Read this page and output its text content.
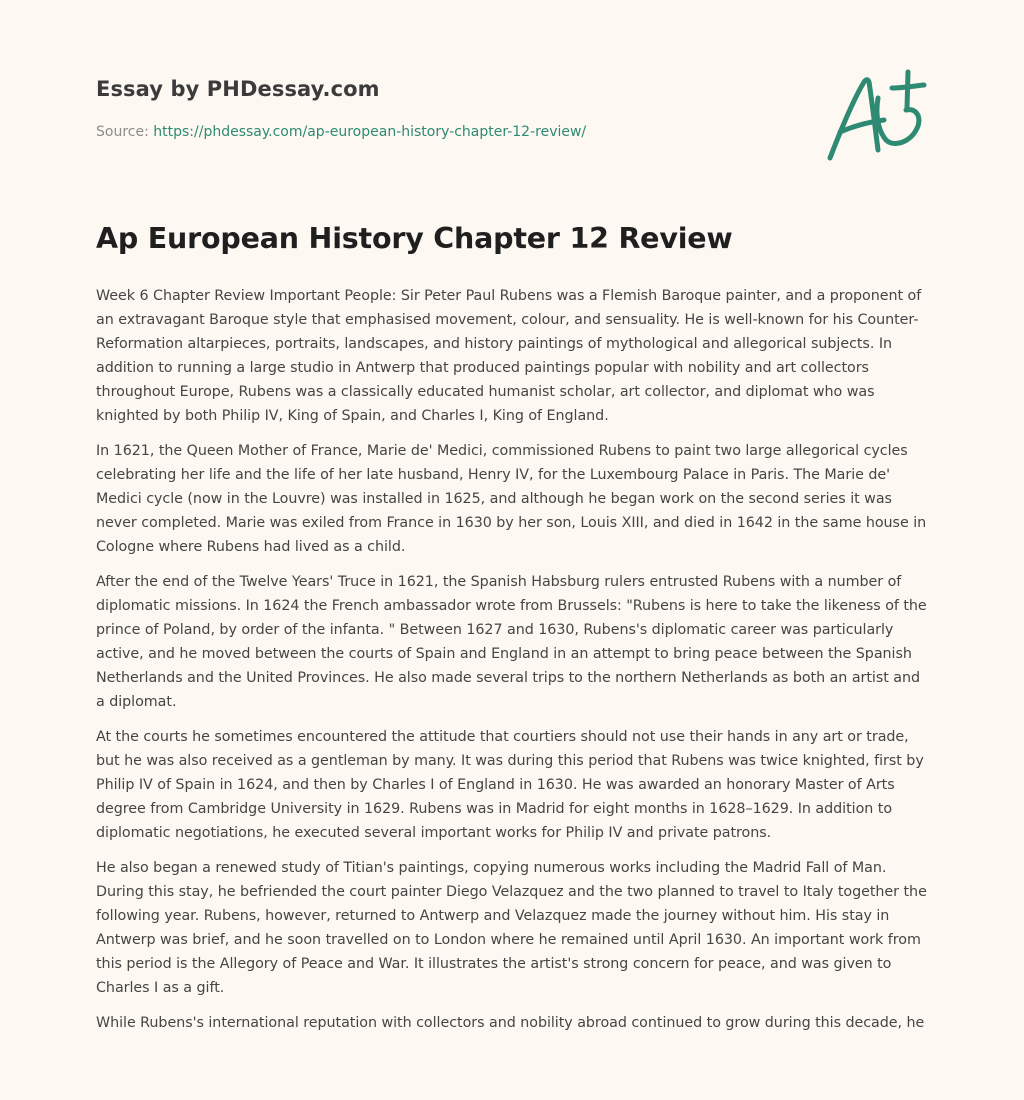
Essay by PHDessay.com
Source: https://phdessay.com/ap-european-history-chapter-12-review/
Ap European History Chapter 12 Review

Week 6 Chapter Review Important People: Sir Peter Paul Rubens was a Flemish Baroque painter, and a proponent of an extravagant Baroque style that emphasised movement, colour, and sensuality. He is well-known for his Counter-Reformation altarpieces, portraits, landscapes, and history paintings of mythological and allegorical subjects. In addition to running a large studio in Antwerp that produced paintings popular with nobility and art collectors throughout Europe, Rubens was a classically educated humanist scholar, art collector, and diplomat who was knighted by both Philip IV, King of Spain, and Charles I, King of England.

In 1621, the Queen Mother of France, Marie de' Medici, commissioned Rubens to paint two large allegorical cycles celebrating her life and the life of her late husband, Henry IV, for the Luxembourg Palace in Paris. The Marie de' Medici cycle (now in the Louvre) was installed in 1625, and although he began work on the second series it was never completed. Marie was exiled from France in 1630 by her son, Louis XIII, and died in 1642 in the same house in Cologne where Rubens had lived as a child.

After the end of the Twelve Years' Truce in 1621, the Spanish Habsburg rulers entrusted Rubens with a number of diplomatic missions. In 1624 the French ambassador wrote from Brussels: "Rubens is here to take the likeness of the prince of Poland, by order of the infanta. " Between 1627 and 1630, Rubens's diplomatic career was particularly active, and he moved between the courts of Spain and England in an attempt to bring peace between the Spanish Netherlands and the United Provinces. He also made several trips to the northern Netherlands as both an artist and a diplomat.

At the courts he sometimes encountered the attitude that courtiers should not use their hands in any art or trade, but he was also received as a gentleman by many. It was during this period that Rubens was twice knighted, first by Philip IV of Spain in 1624, and then by Charles I of England in 1630. He was awarded an honorary Master of Arts degree from Cambridge University in 1629. Rubens was in Madrid for eight months in 1628–1629. In addition to diplomatic negotiations, he executed several important works for Philip IV and private patrons.

He also began a renewed study of Titian's paintings, copying numerous works including the Madrid Fall of Man. During this stay, he befriended the court painter Diego Velazquez and the two planned to travel to Italy together the following year. Rubens, however, returned to Antwerp and Velazquez made the journey without him. His stay in Antwerp was brief, and he soon travelled on to London where he remained until April 1630. An important work from this period is the Allegory of Peace and War. It illustrates the artist's strong concern for peace, and was given to Charles I as a gift.

While Rubens's international reputation with collectors and nobility abroad continued to grow during this decade, he
